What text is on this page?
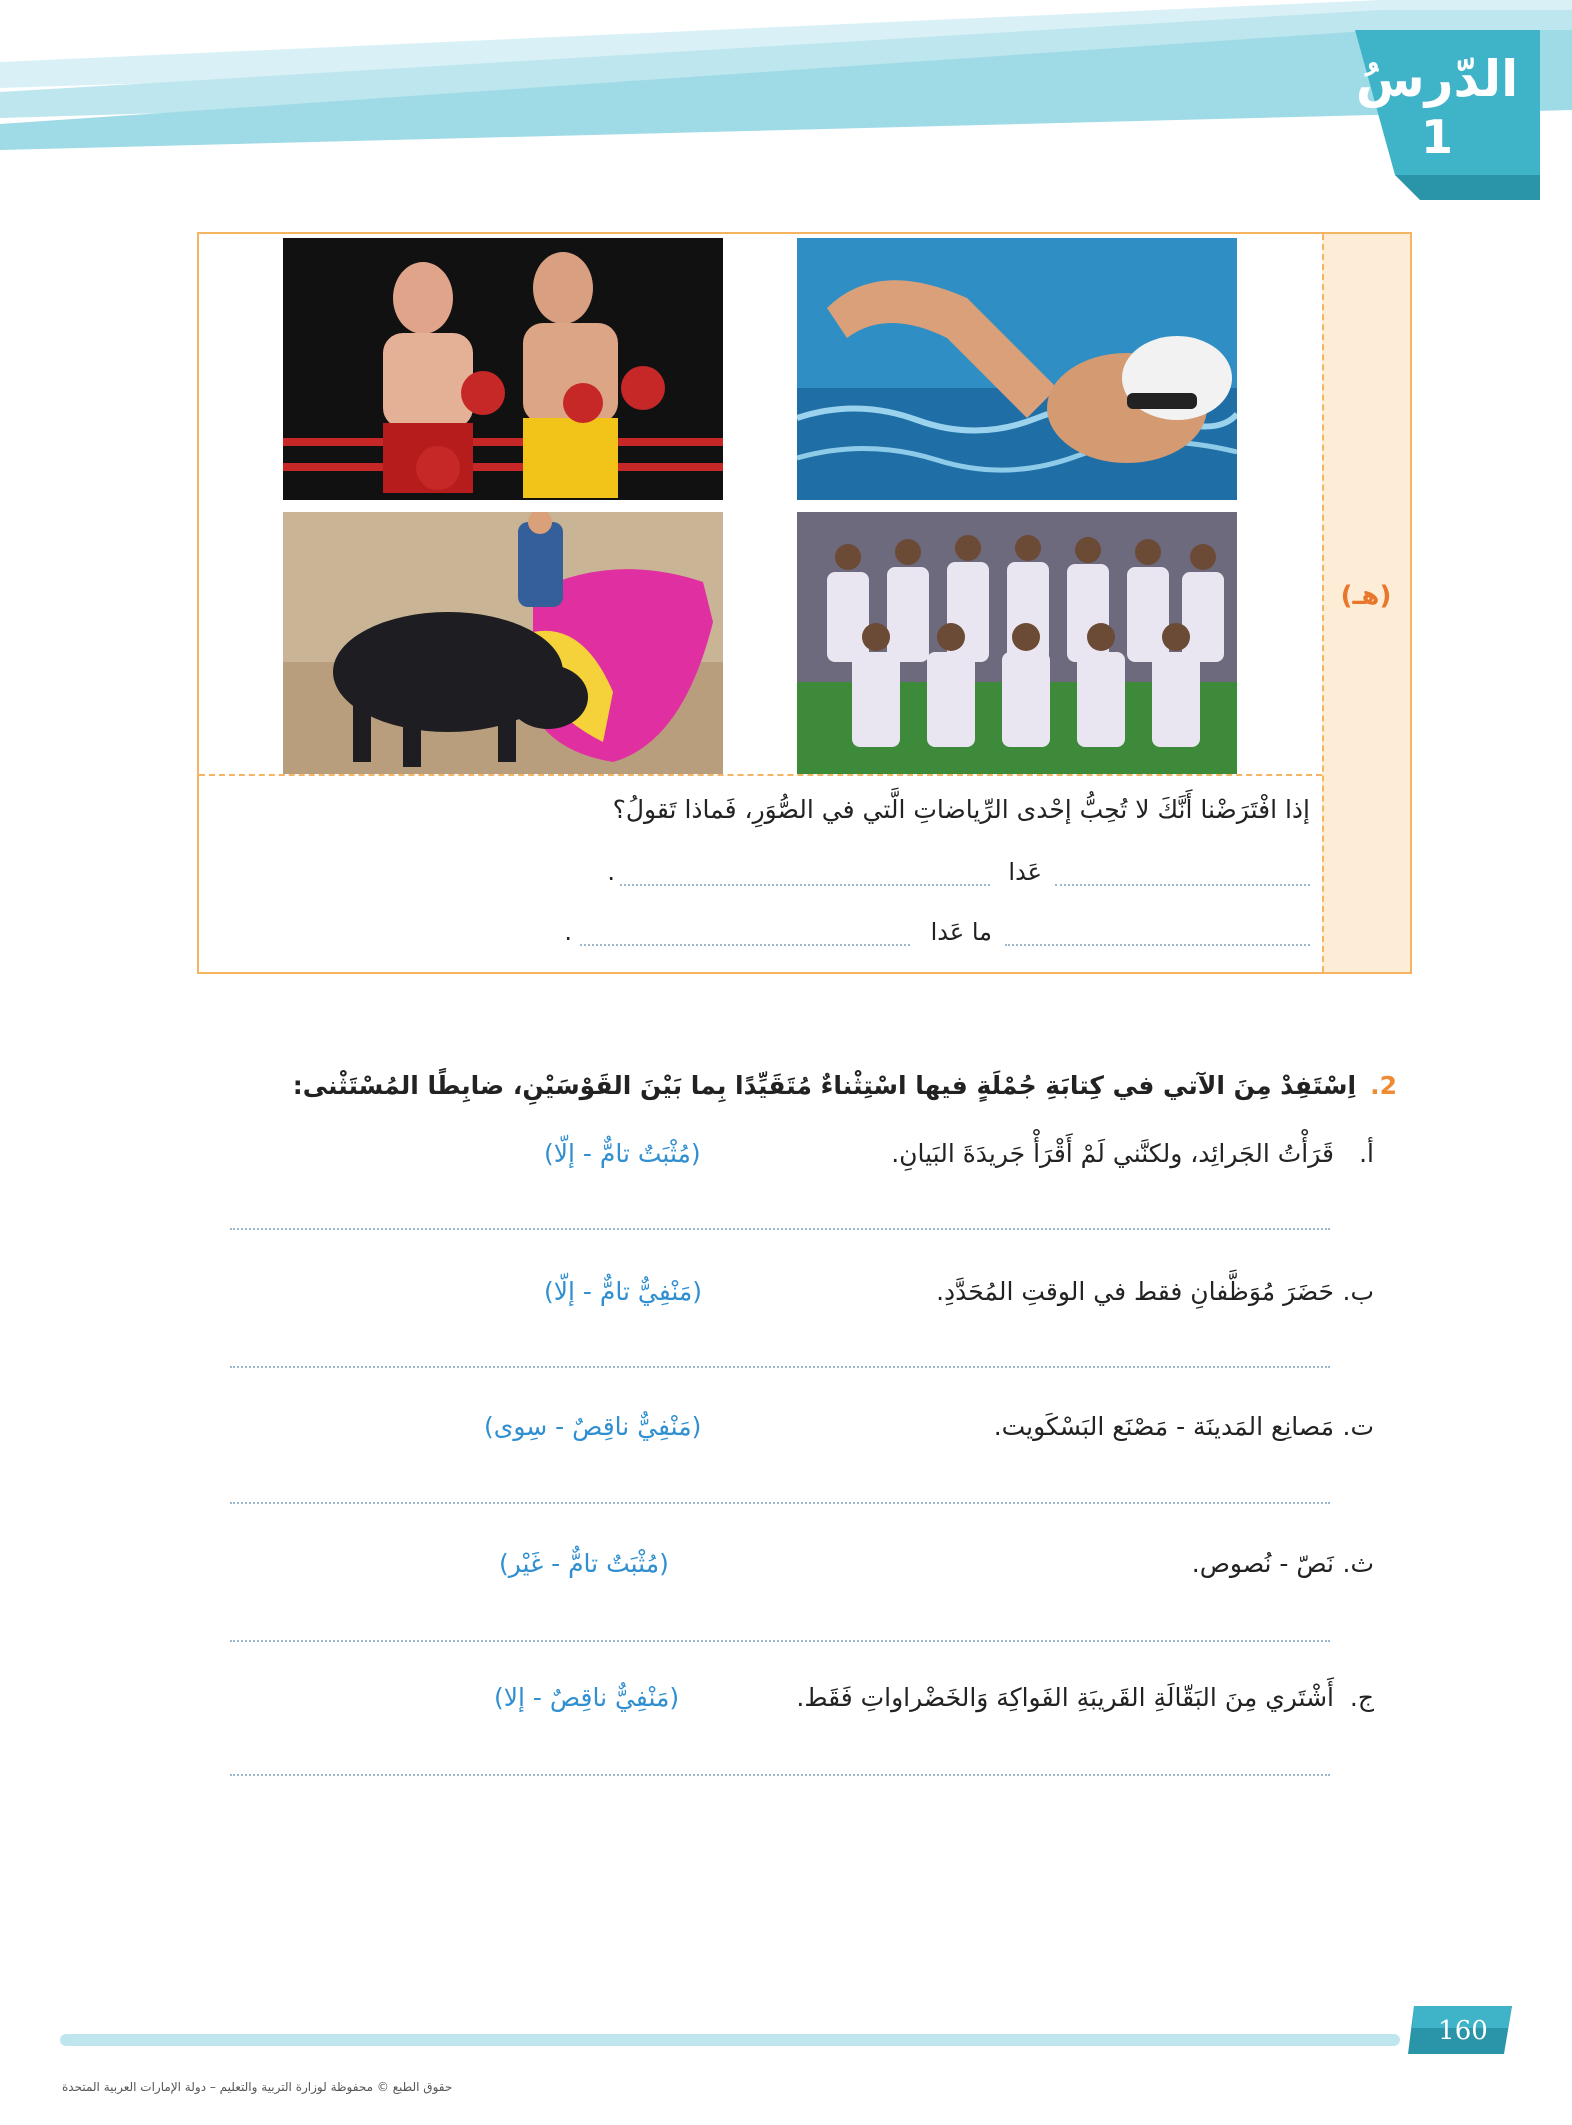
الدّرسُ
1
(هـ)
إذا افْتَرَضْنا أَنَّكَ لا تُحِبُّ إحْدى الرِّياضاتِ الَّتي في الصُّوَرِ، فَماذا تَقولُ؟
عَدا
.
ما عَدا
.
2.اِسْتَفِدْ مِنَ الآتي في كِتابَةِ جُمْلَةٍ فيها اسْتِثْناءٌ مُتَقَيِّدًا بِما بَيْنَ القَوْسَيْنِ، ضابِطًا المُسْتَثْنى:
أ.
قَرَأْتُ الجَرائِد، ولكنَّني لَمْ أَقْرَأْ جَريدَةَ البَيانِ.
(مُثْبَتٌ تامٌّ - إلّا)
ب.
حَضَرَ مُوَظَّفانِ فقط في الوقتِ المُحَدَّدِ.
(مَنْفِيٌّ تامٌّ - إلّا)
ت.
مَصانِع المَدينَة - مَصْنَع البَسْكَويت.
(مَنْفِيٌّ ناقِصٌ - سِوى)
ث.
نَصّ - نُصوص.
(مُثْبَتٌ تامٌّ - غَيْر)
ج.
أَشْتَري مِنَ البَقّالَةِ القَريبَةِ الفَواكِهَ وَالخَضْراواتِ فَقَط.
(مَنْفِيٌّ ناقِصٌ - إلا)
160
حقوق الطبع © محفوظة لوزارة التربية والتعليم – دولة الإمارات العربية المتحدة
